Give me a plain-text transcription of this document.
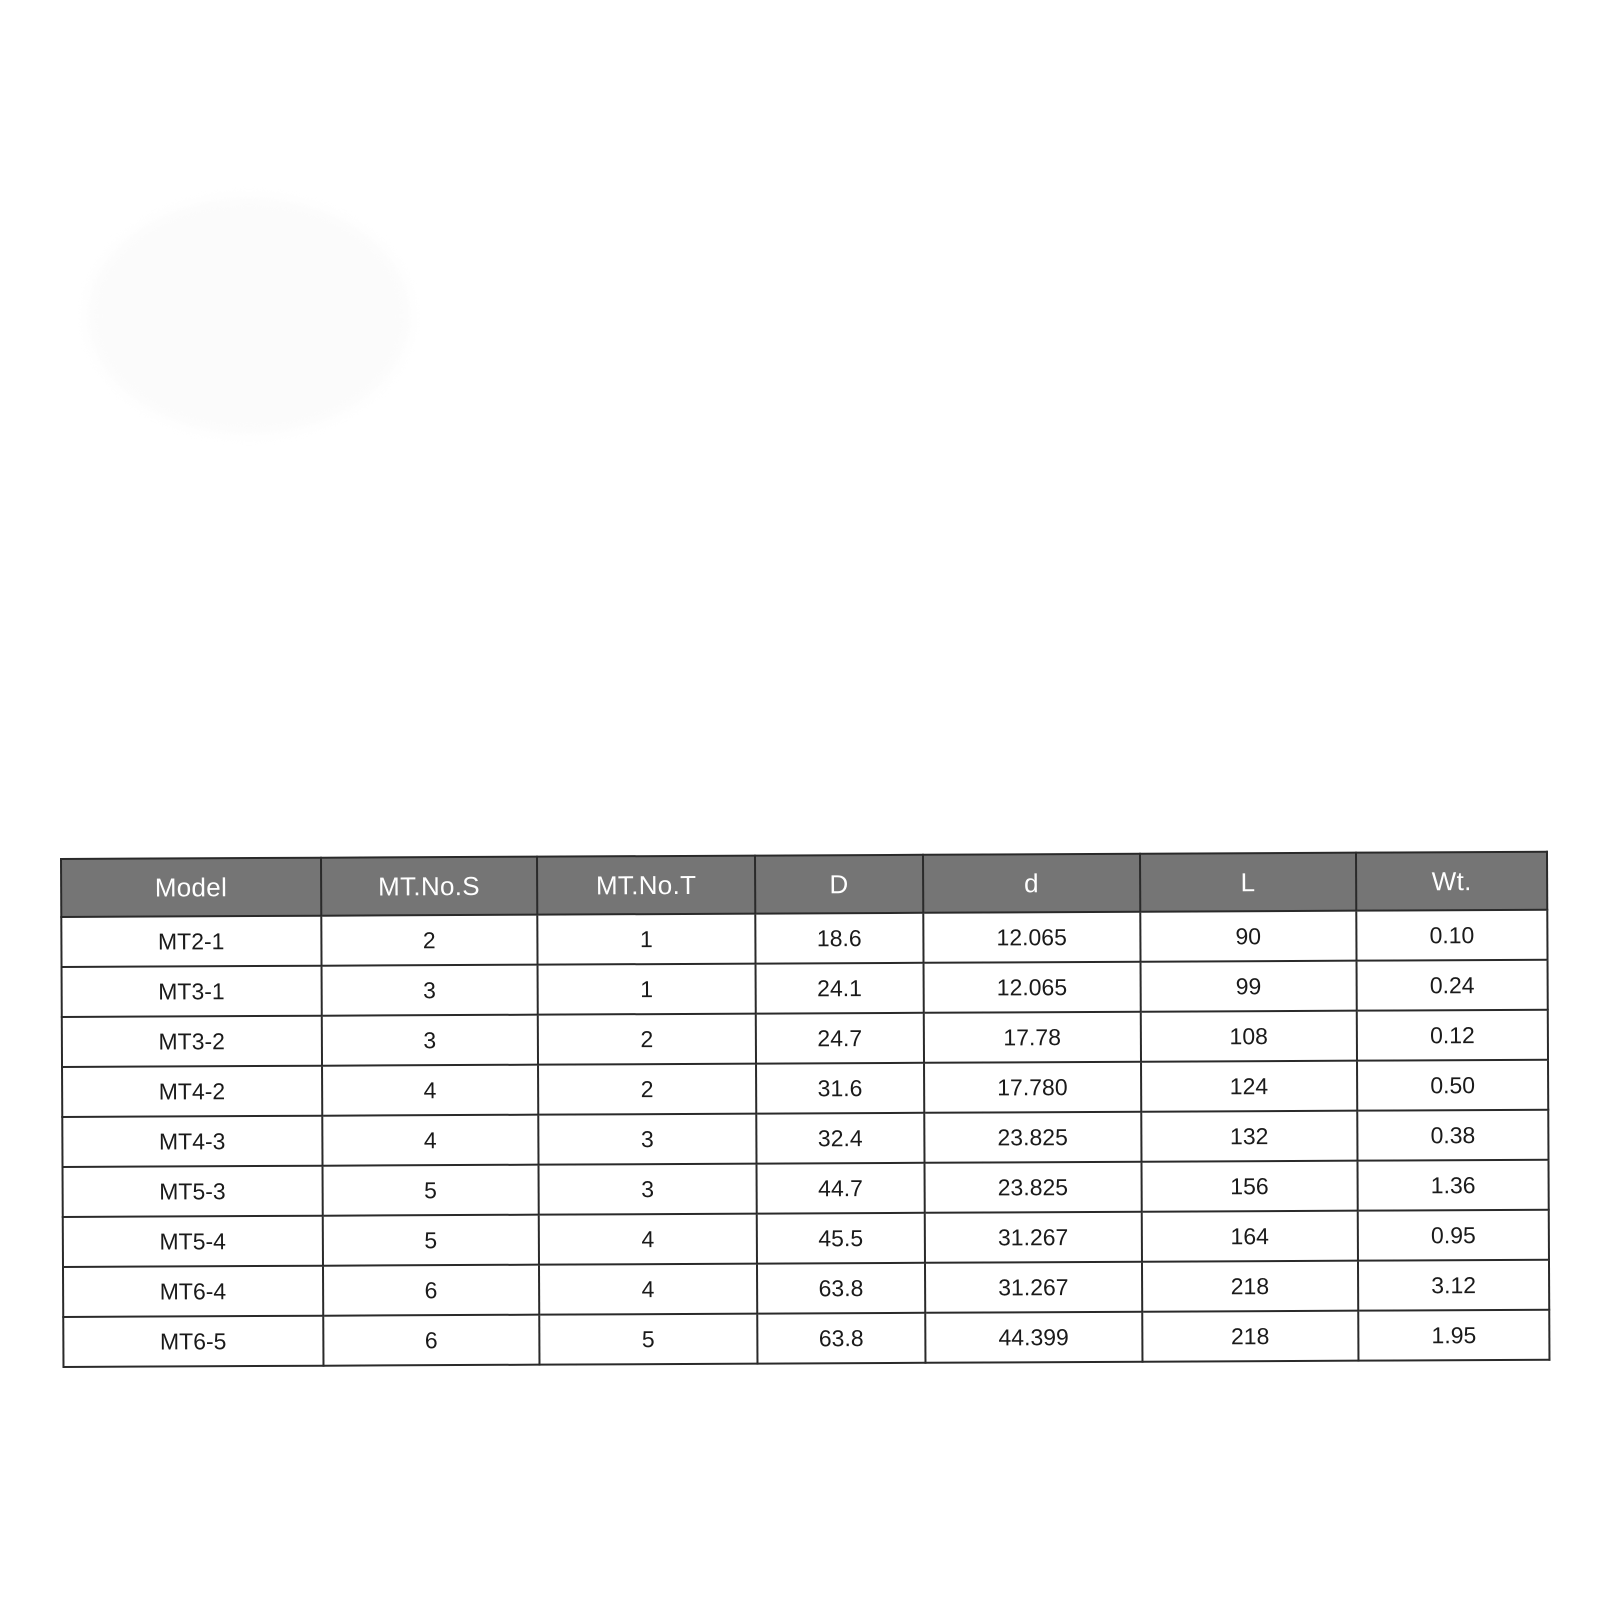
Model	MT.No.S	MT.No.T	D	d	L	Wt.
MT2-1	2	1	18.6	12.065	90	0.10
MT3-1	3	1	24.1	12.065	99	0.24
MT3-2	3	2	24.7	17.78	108	0.12
MT4-2	4	2	31.6	17.780	124	0.50
MT4-3	4	3	32.4	23.825	132	0.38
MT5-3	5	3	44.7	23.825	156	1.36
MT5-4	5	4	45.5	31.267	164	0.95
MT6-4	6	4	63.8	31.267	218	3.12
MT6-5	6	5	63.8	44.399	218	1.95
